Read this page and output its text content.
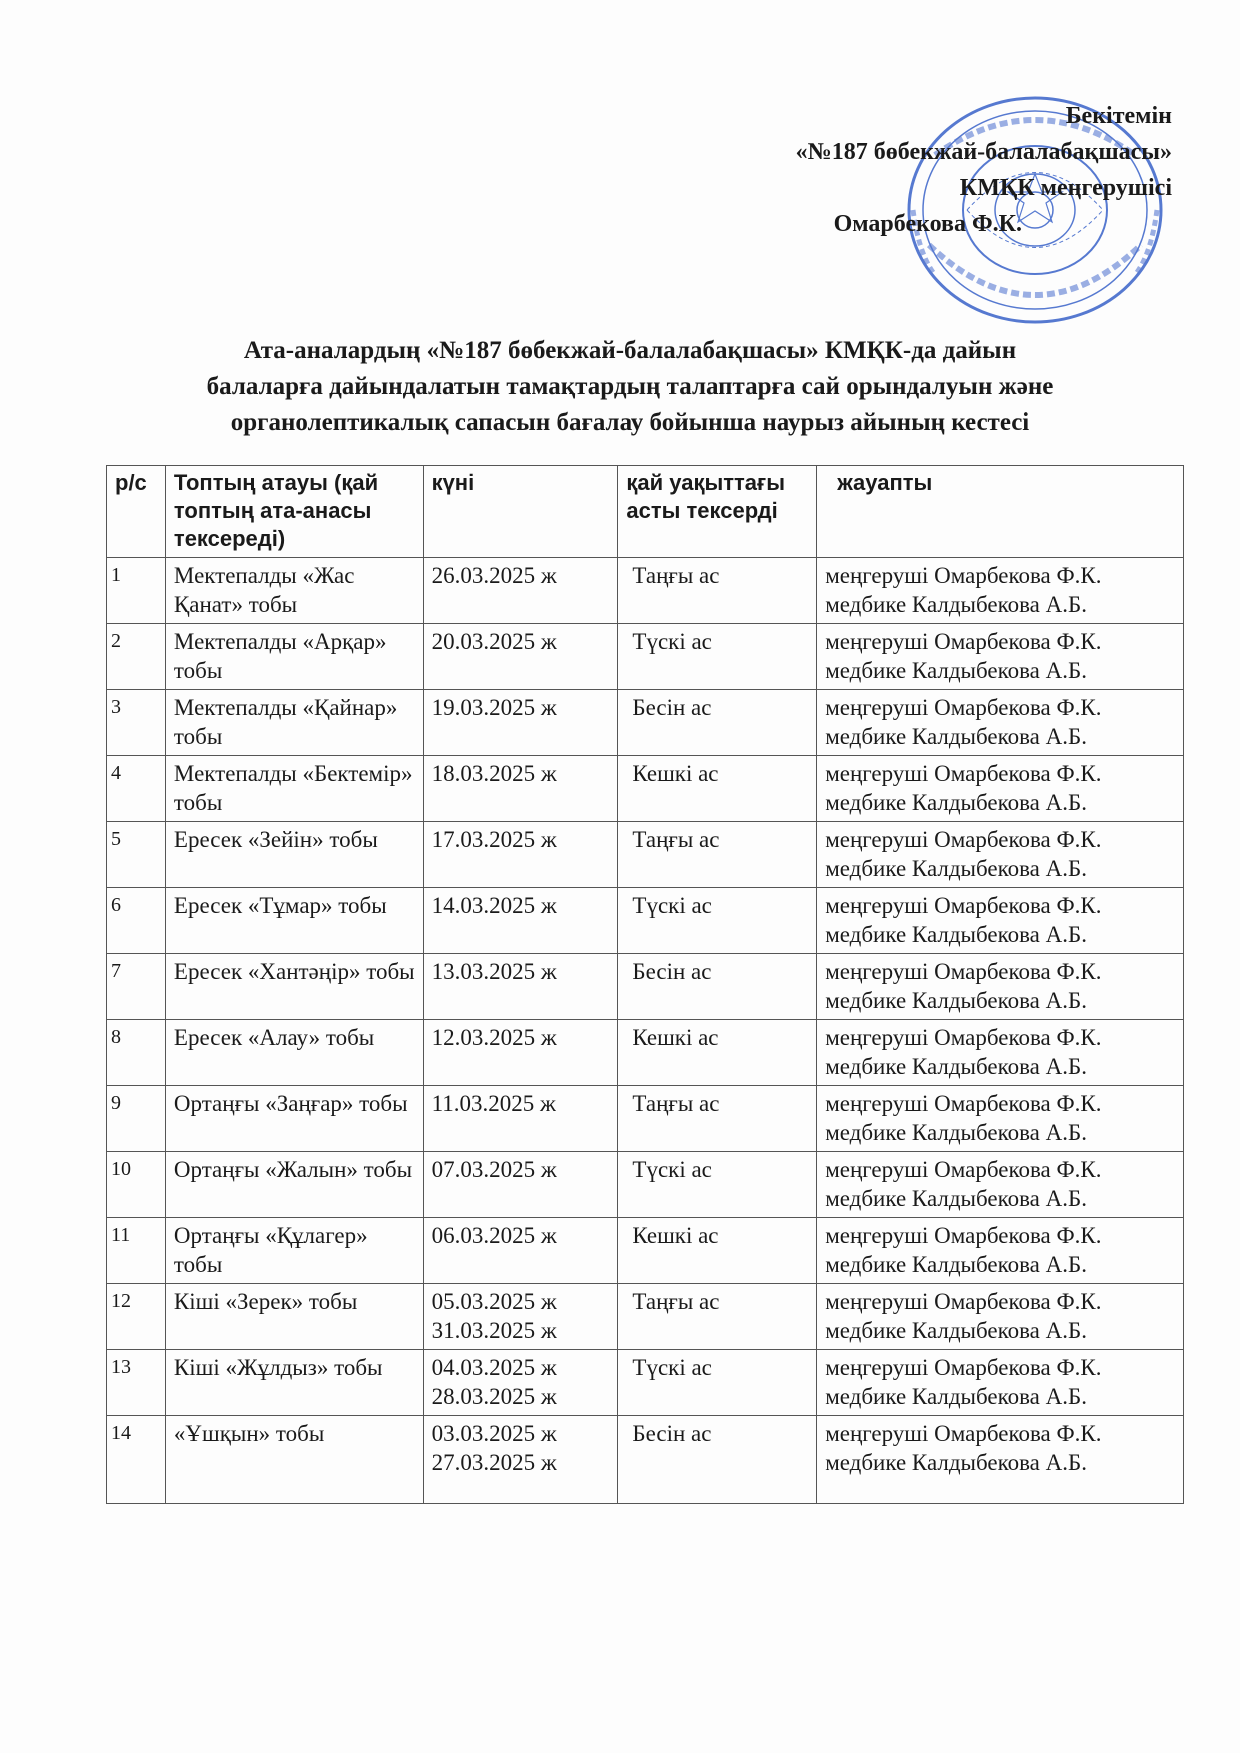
Бекітемін
«№187 бөбекжай-балалабақшасы»
КМҚК меңгерушісі
Омарбекова Ф.К.
Ата-аналардың «№187 бөбекжай-балалабақшасы» КМҚК-да дайын
балаларға дайындалатын тамақтардың талаптарға сай орындалуын және
органолептикалық сапасын бағалау бойынша наурыз айының кестесі
р/с	Топтың атауы (қай топтың ата-анасы тексереді)	күні	қай уақыттағы асты тексерді	жауапты
1	Мектепалды «Жас Қанат» тобы	26.03.2025 ж	Таңғы ас	меңгеруші Омарбекова Ф.К.
медбике Калдыбекова А.Б.

2	Мектепалды «Арқар» тобы	20.03.2025 ж	Түскі ас	меңгеруші Омарбекова Ф.К.
медбике Калдыбекова А.Б.

3	Мектепалды «Қайнар» тобы	19.03.2025 ж	Бесін ас	меңгеруші Омарбекова Ф.К.
медбике Калдыбекова А.Б.

4	Мектепалды «Бектемір» тобы	18.03.2025 ж	Кешкі ас	меңгеруші Омарбекова Ф.К.
медбике Калдыбекова А.Б.

5	Ересек «Зейін» тобы	17.03.2025 ж	Таңғы ас	меңгеруші Омарбекова Ф.К.
медбике Калдыбекова А.Б.

6	Ересек «Тұмар» тобы	14.03.2025 ж	Түскі ас	меңгеруші Омарбекова Ф.К.
медбике Калдыбекова А.Б.

7	Ересек «Хантәңір» тобы	13.03.2025 ж	Бесін ас	меңгеруші Омарбекова Ф.К.
медбике Калдыбекова А.Б.

8	Ересек «Алау» тобы	12.03.2025 ж	Кешкі ас	меңгеруші Омарбекова Ф.К.
медбике Калдыбекова А.Б.

9	Ортаңғы «Заңғар» тобы	11.03.2025 ж	Таңғы ас	меңгеруші Омарбекова Ф.К.
медбике Калдыбекова А.Б.

10	Ортаңғы «Жалын» тобы	07.03.2025 ж	Түскі ас	меңгеруші Омарбекова Ф.К.
медбике Калдыбекова А.Б.

11	Ортаңғы «Құлагер» тобы	06.03.2025 ж	Кешкі ас	меңгеруші Омарбекова Ф.К.
медбике Калдыбекова А.Б.

12	Кіші «Зерек» тобы	05.03.2025 ж
31.03.2025 ж	Таңғы ас	меңгеруші Омарбекова Ф.К.
медбике Калдыбекова А.Б.

13	Кіші «Жұлдыз» тобы	04.03.2025 ж
28.03.2025 ж	Түскі ас	меңгеруші Омарбекова Ф.К.
медбике Калдыбекова А.Б.

14	«Ұшқын» тобы	03.03.2025 ж
27.03.2025 ж	Бесін ас	меңгеруші Омарбекова Ф.К.
медбике Калдыбекова А.Б.
